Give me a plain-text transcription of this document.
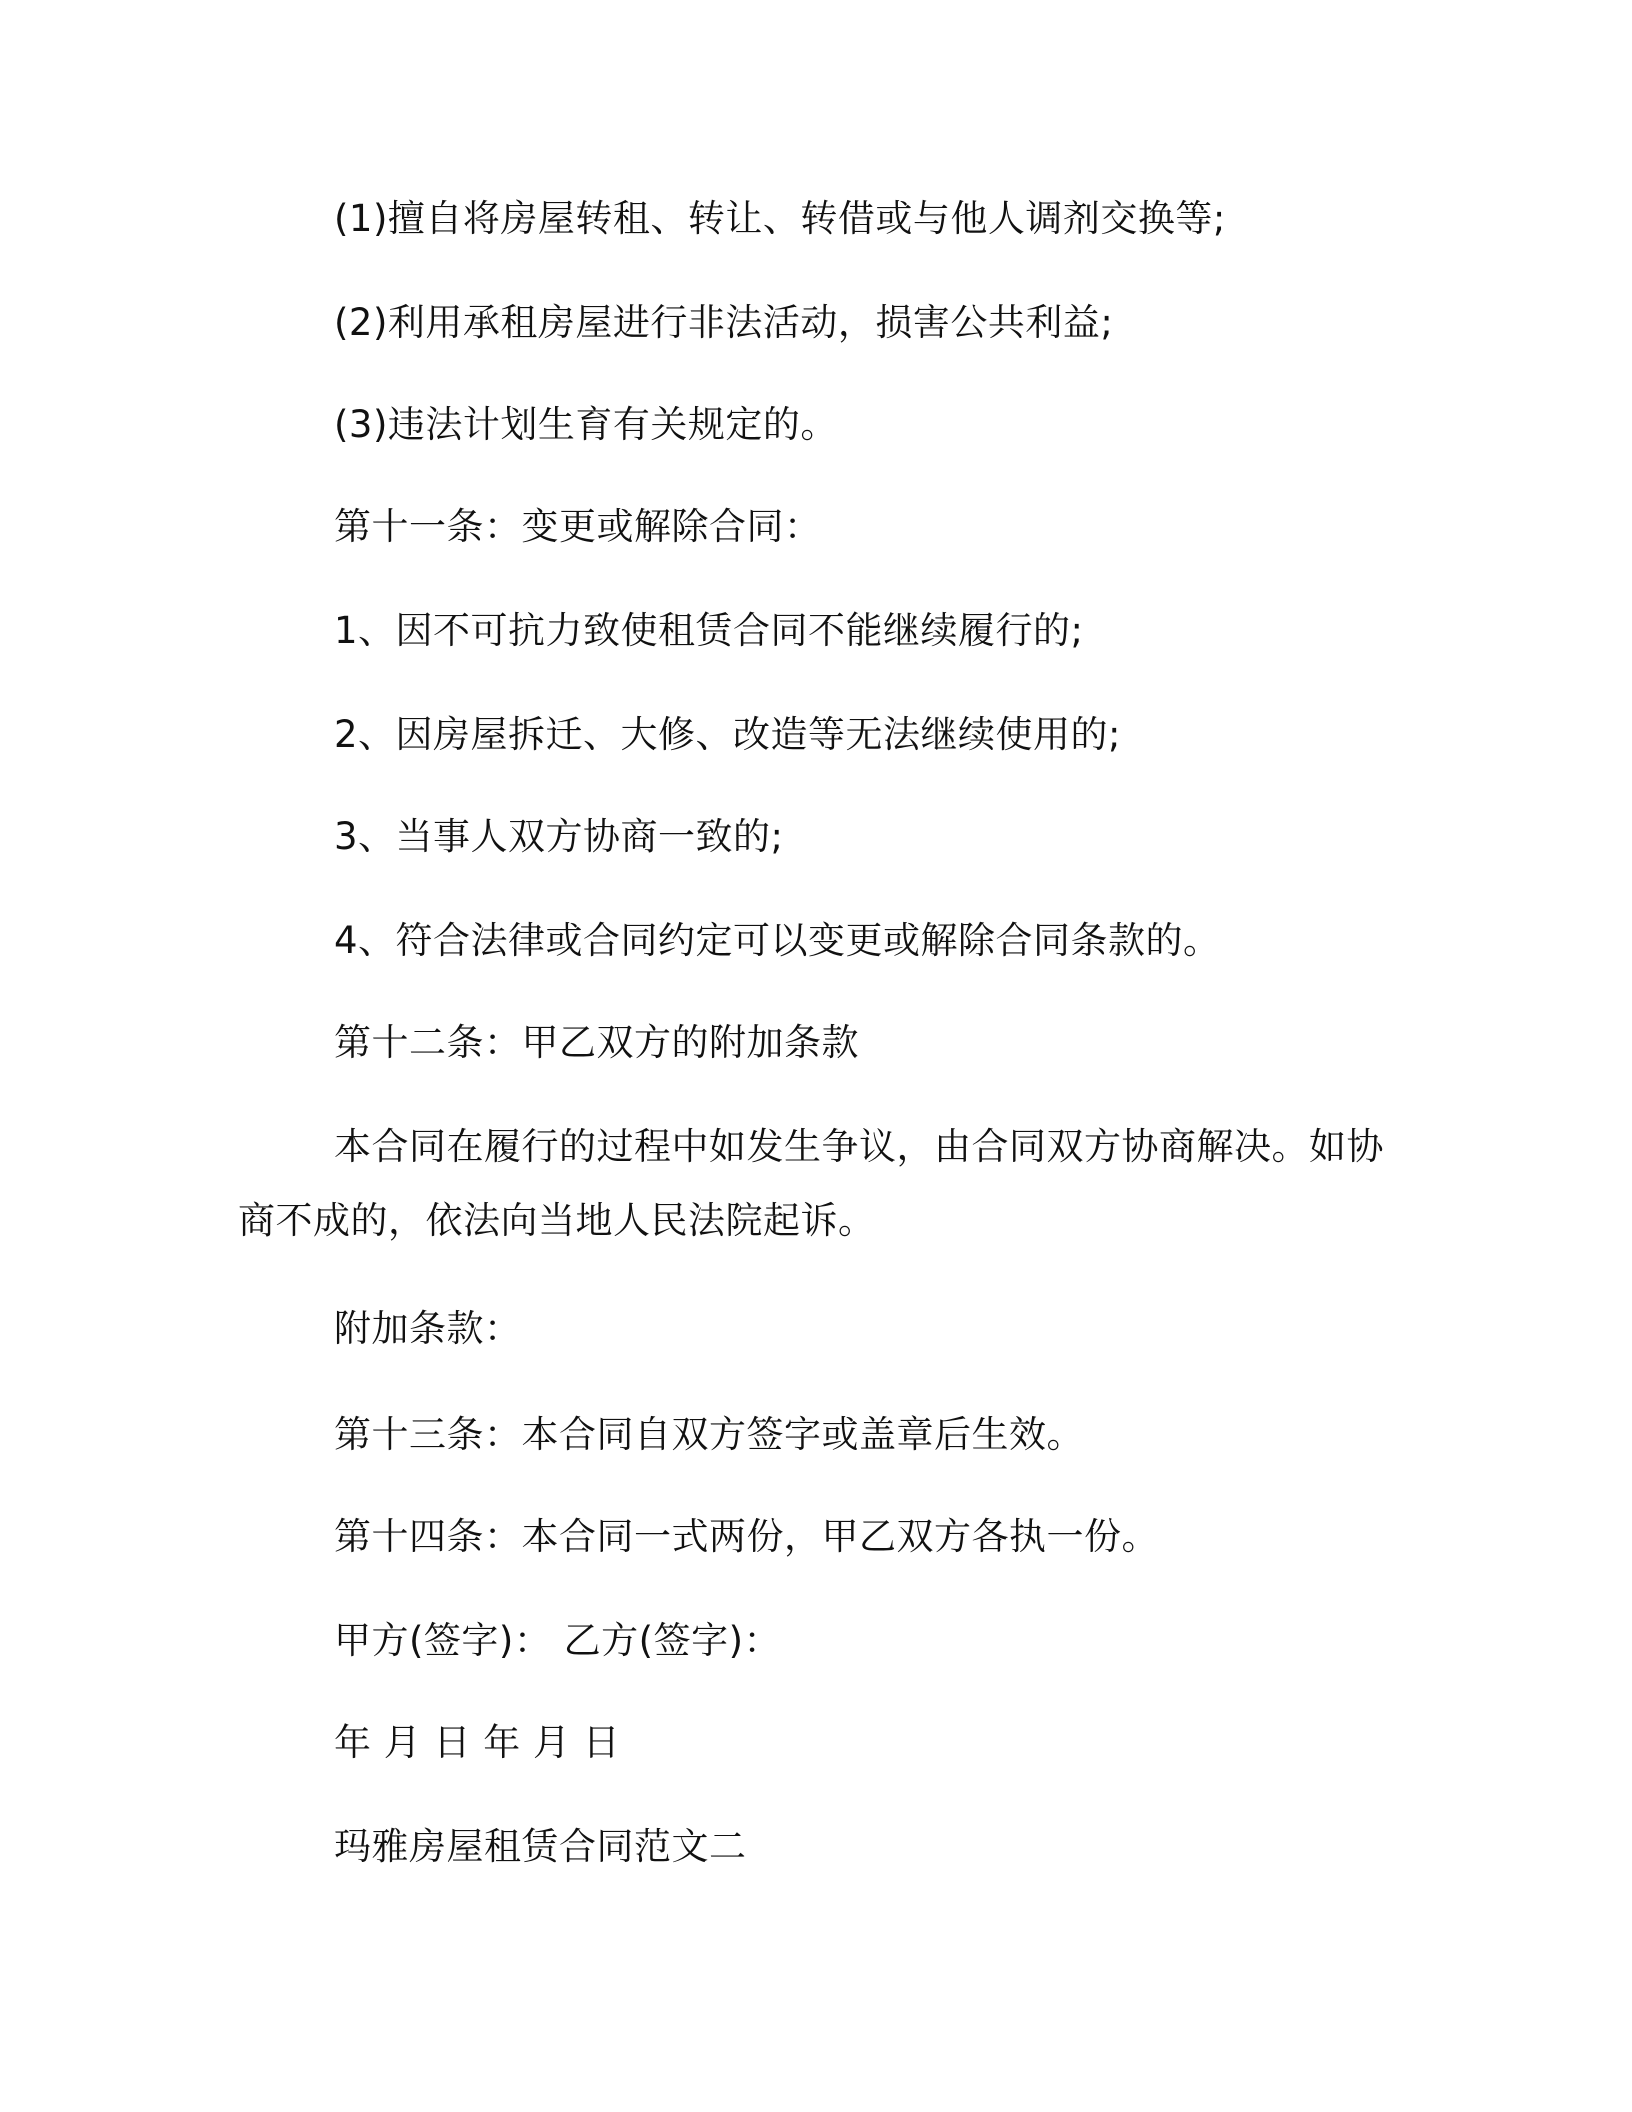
(1)擅自将房屋转租、转让、转借或与他人调剂交换等;
(2)利用承租房屋进行非法活动，损害公共利益;
(3)违法计划生育有关规定的。
第十一条：变更或解除合同：
1、因不可抗力致使租赁合同不能继续履行的;
2、因房屋拆迁、大修、改造等无法继续使用的;
3、当事人双方协商一致的;
4、符合法律或合同约定可以变更或解除合同条款的。
第十二条：甲乙双方的附加条款
本合同在履行的过程中如发生争议，由合同双方协商解决。如协
商不成的，依法向当地人民法院起诉。
附加条款：
第十三条：本合同自双方签字或盖章后生效。
第十四条：本合同一式两份，甲乙双方各执一份。
甲方(签字)： 乙方(签字)：
年 月 日 年 月 日
玛雅房屋租赁合同范文二
